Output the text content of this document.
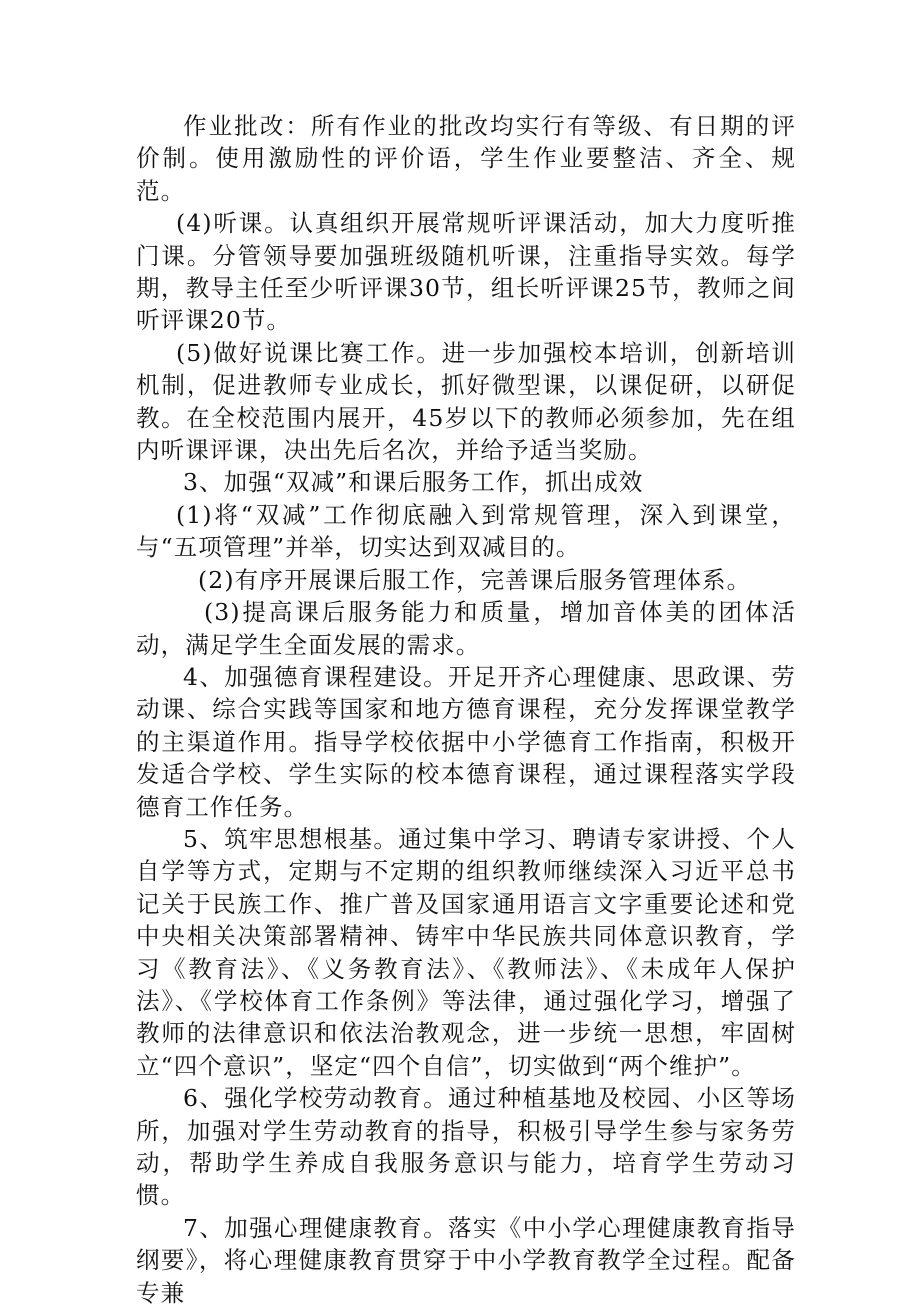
作业批改：所有作业的批改均实行有等级、有日期的评价制。使用激励性的评价语，学生作业要整洁、齐全、规范。

(4)听课。认真组织开展常规听评课活动，加大力度听推门课。分管领导要加强班级随机听课，注重指导实效。每学期，教导主任至少听评课30节，组长听评课25节，教师之间听评课20节。

(5)做好说课比赛工作。进一步加强校本培训，创新培训机制，促进教师专业成长，抓好微型课，以课促研，以研促教。在全校范围内展开，45岁以下的教师必须参加，先在组内听课评课，决出先后名次，并给予适当奖励。

3、加强“双减”和课后服务工作，抓出成效

(1)将“双减”工作彻底融入到常规管理，深入到课堂，与“五项管理”并举，切实达到双减目的。

(2)有序开展课后服工作，完善课后服务管理体系。

(3)提高课后服务能力和质量，增加音体美的团体活动，满足学生全面发展的需求。

4、加强德育课程建设。开足开齐心理健康、思政课、劳动课、综合实践等国家和地方德育课程，充分发挥课堂教学的主渠道作用。指导学校依据中小学德育工作指南，积极开发适合学校、学生实际的校本德育课程，通过课程落实学段德育工作任务。

5、筑牢思想根基。通过集中学习、聘请专家讲授、个人自学等方式，定期与不定期的组织教师继续深入习近平总书记关于民族工作、推广普及国家通用语言文字重要论述和党中央相关决策部署精神、铸牢中华民族共同体意识教育，学习《教育法》、《义务教育法》、《教师法》、《未成年人保护法》、《学校体育工作条例》等法律，通过强化学习，增强了教师的法律意识和依法治教观念，进一步统一思想，牢固树立“四个意识”，坚定“四个自信”，切实做到“两个维护”。

6、强化学校劳动教育。通过种植基地及校园、小区等场所，加强对学生劳动教育的指导，积极引导学生参与家务劳动，帮助学生养成自我服务意识与能力，培育学生劳动习惯。

7、加强心理健康教育。落实《中小学心理健康教育指导纲要》，将心理健康教育贯穿于中小学教育教学全过程。配备专兼
